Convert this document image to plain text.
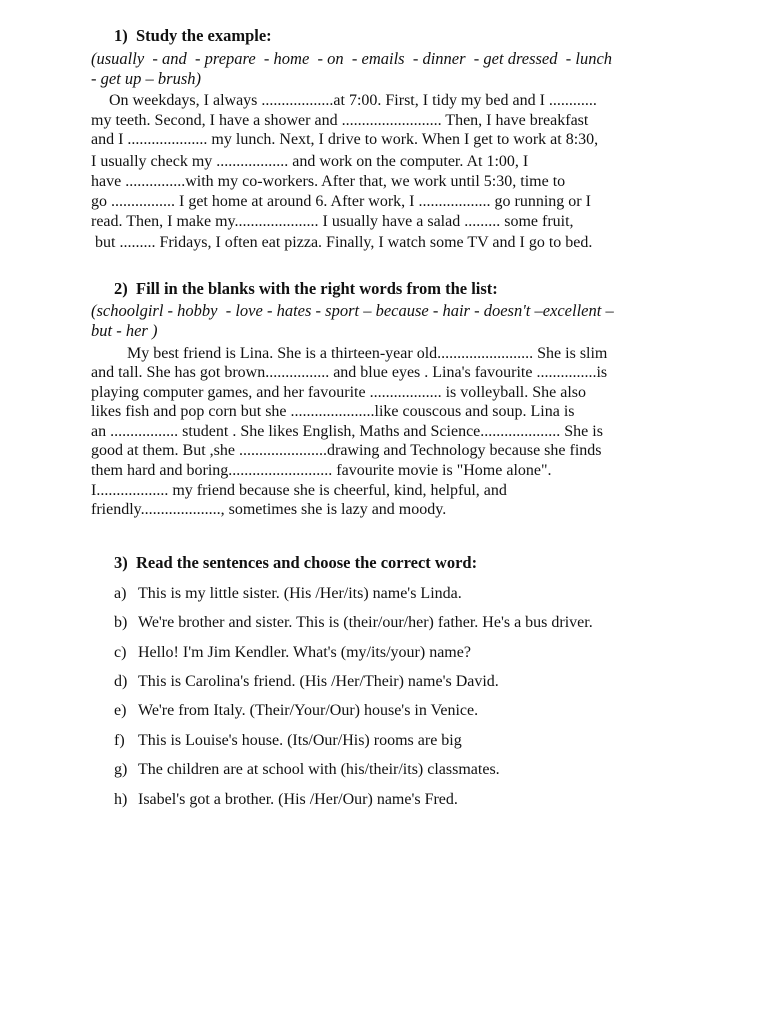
1) Study the example:
(usually  - and  - prepare  - home  - on  - emails  - dinner  - get dressed  - lunch
- get up – brush)
On weekdays, I always ..................at 7:00. First, I tidy my bed and I ............
my teeth. Second, I have a shower and ......................... Then, I have breakfast
and I .................... my lunch. Next, I drive to work. When I get to work at 8:30,
I usually check my .................. and work on the computer. At 1:00, I
have ...............with my co-workers. After that, we work until 5:30, time to
go ................ I get home at around 6. After work, I .................. go running or I
read. Then, I make my..................... I usually have a salad ......... some fruit,
but ......... Fridays, I often eat pizza. Finally, I watch some TV and I go to bed.
2) Fill in the blanks with the right words from the list:
(schoolgirl - hobby  - love - hates - sport – because - hair - doesn't –excellent –
but - her )
My best friend is Lina. She is a thirteen-year old........................ She is slim
and tall. She has got brown................ and blue eyes . Lina's favourite ...............is
playing computer games, and her favourite .................. is volleyball. She also
likes fish and pop corn but she .....................like couscous and soup. Lina is
an ................. student . She likes English, Maths and Science.................... She is
good at them. But ,she ......................drawing and Technology because she finds
them hard and boring.......................... favourite movie is "Home alone".
I.................. my friend because she is cheerful, kind, helpful, and
friendly...................., sometimes she is lazy and moody.
3) Read the sentences and choose the correct word:
a) This is my little sister. (His /Her/its) name's Linda.
b) We're brother and sister. This is (their/our/her) father. He's a bus driver.
c) Hello! I'm Jim Kendler. What's (my/its/your) name?
d) This is Carolina's friend. (His /Her/Their) name's David.
e) We're from Italy. (Their/Your/Our) house's in Venice.
f) This is Louise's house. (Its/Our/His) rooms are big
g) The children are at school with (his/their/its) classmates.
h) Isabel's got a brother. (His /Her/Our) name's Fred.
